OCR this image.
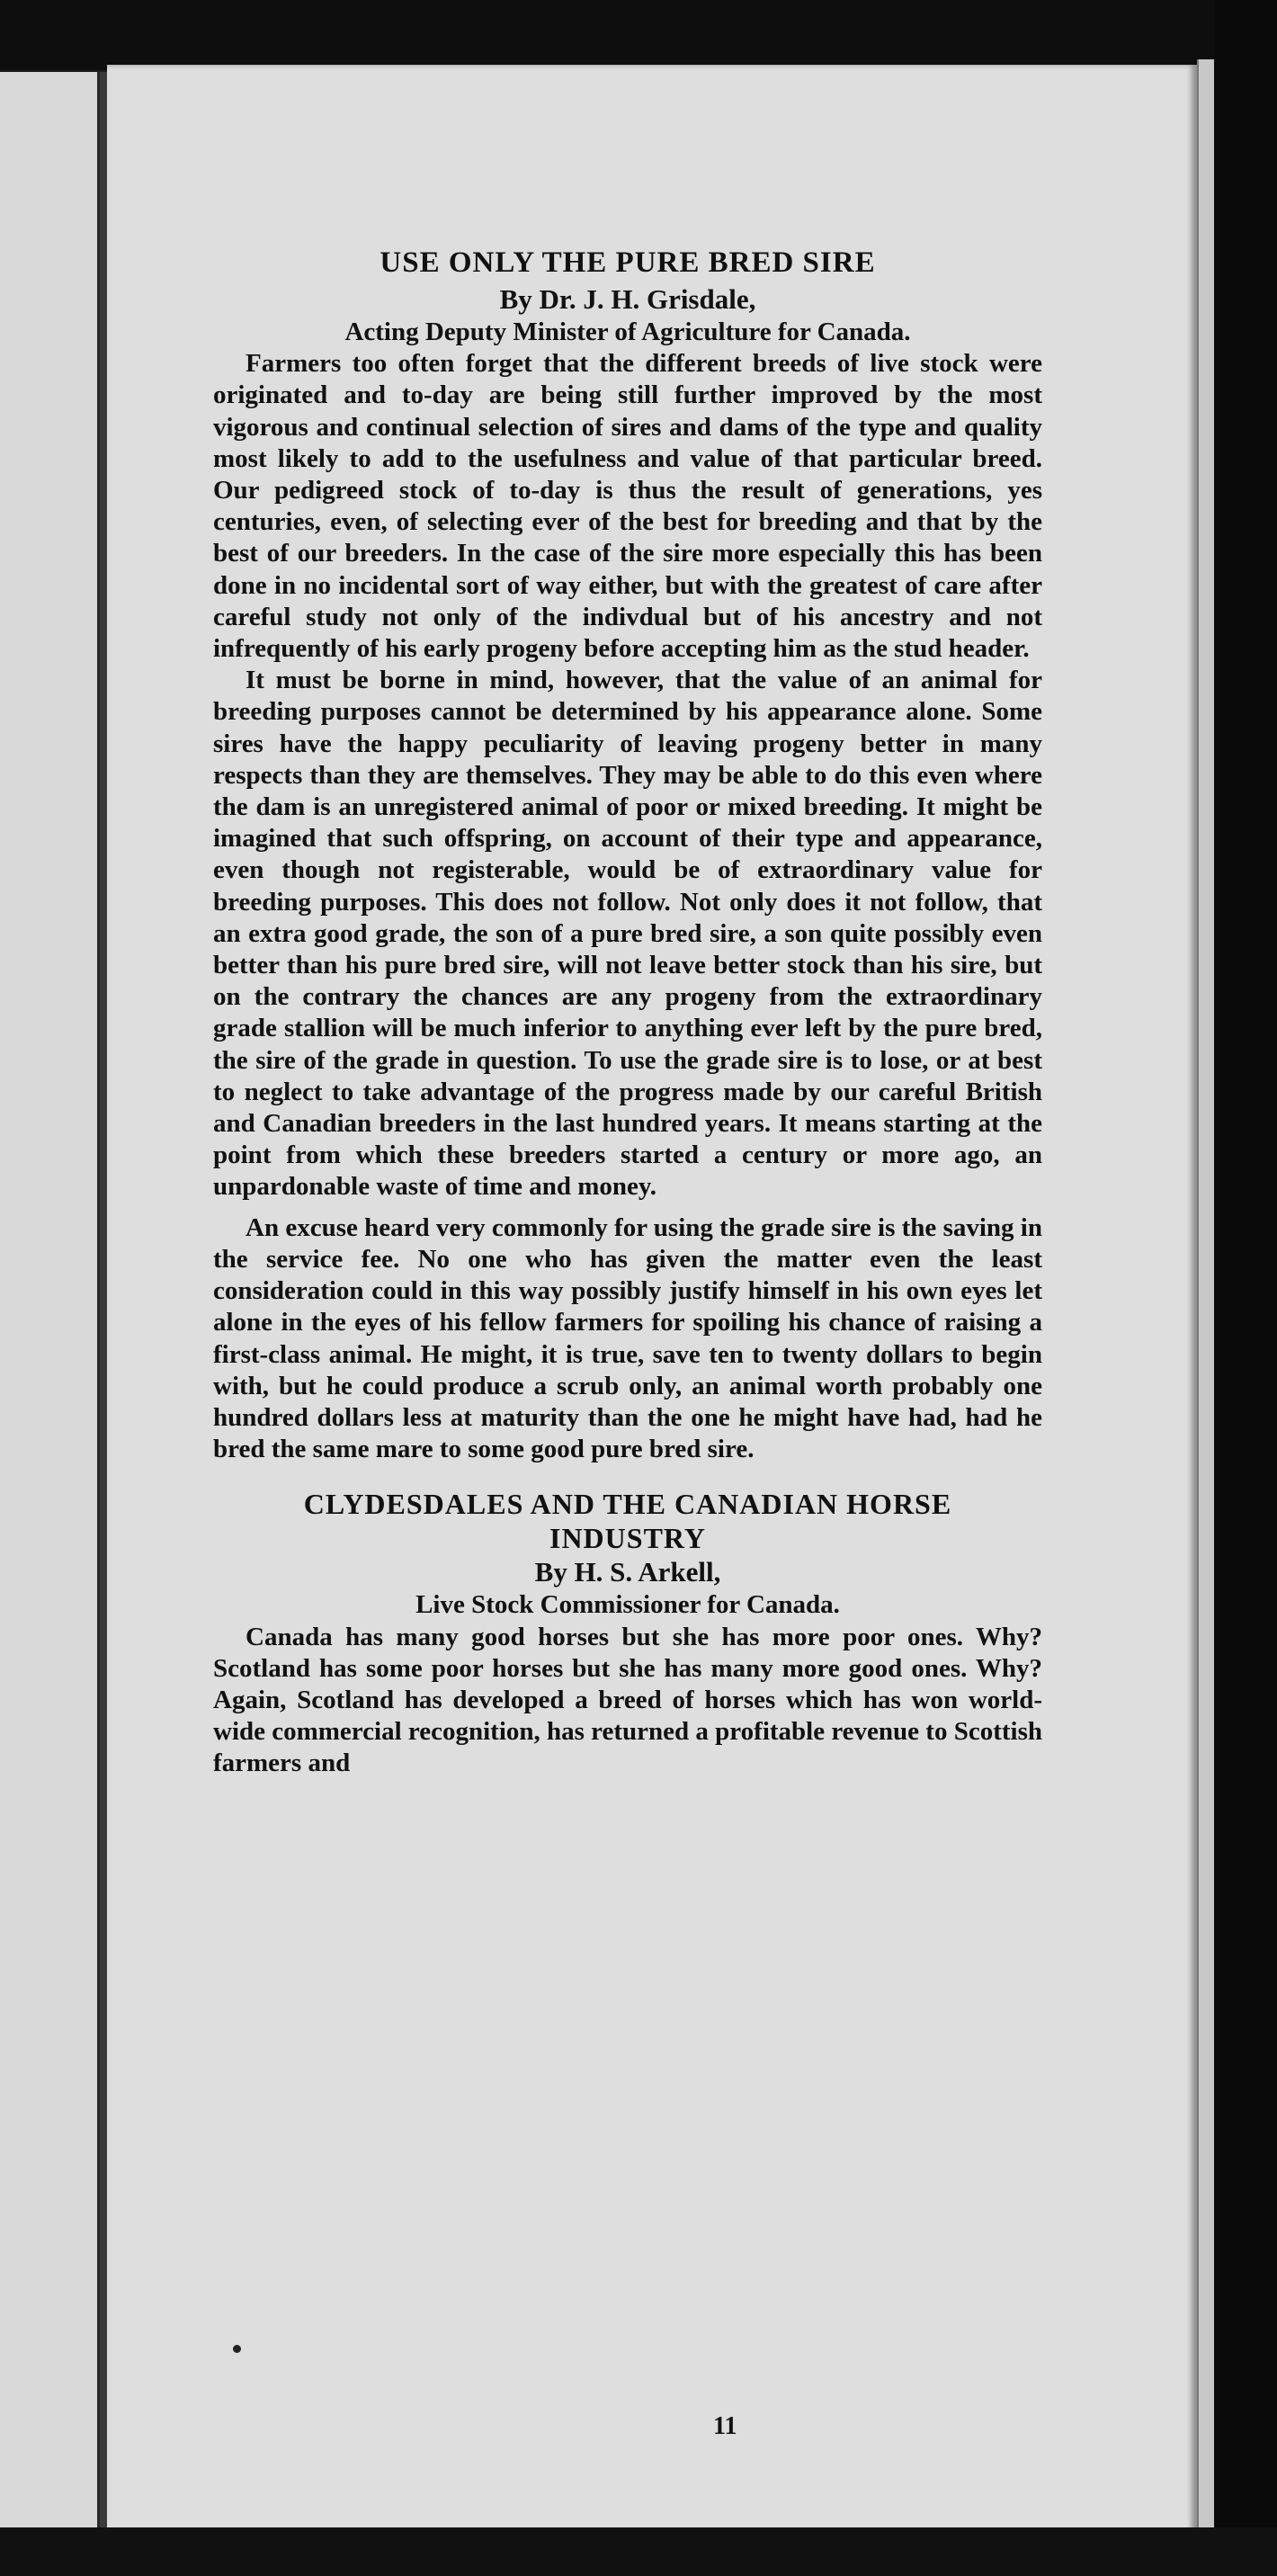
USE ONLY THE PURE BRED SIRE
By Dr. J. H. Grisdale,
Acting Deputy Minister of Agriculture for Canada.

Farmers too often forget that the different breeds of live stock were originated and to-day are being still further improved by the most vigorous and continual selection of sires and dams of the type and quality most likely to add to the usefulness and value of that particular breed. Our pedigreed stock of to-day is thus the result of generations, yes centuries, even, of selecting ever of the best for breeding and that by the best of our breeders. In the case of the sire more especially this has been done in no incidental sort of way either, but with the greatest of care after careful study not only of the indivdual but of his ancestry and not infrequently of his early progeny before accepting him as the stud header.

It must be borne in mind, however, that the value of an animal for breeding purposes cannot be determined by his appearance alone. Some sires have the happy peculiarity of leaving progeny better in many respects than they are themselves. They may be able to do this even where the dam is an unregistered animal of poor or mixed breeding. It might be imagined that such offspring, on account of their type and appearance, even though not registerable, would be of extraordinary value for breeding purposes. This does not follow. Not only does it not follow, that an extra good grade, the son of a pure bred sire, a son quite possibly even better than his pure bred sire, will not leave better stock than his sire, but on the contrary the chances are any progeny from the extraordinary grade stallion will be much inferior to anything ever left by the pure bred, the sire of the grade in question. To use the grade sire is to lose, or at best to neglect to take advantage of the progress made by our careful British and Canadian breeders in the last hundred years. It means starting at the point from which these breeders started a century or more ago, an unpardonable waste of time and money.

An excuse heard very commonly for using the grade sire is the saving in the service fee. No one who has given the matter even the least consideration could in this way possibly justify himself in his own eyes let alone in the eyes of his fellow farmers for spoiling his chance of raising a first-class animal. He might, it is true, save ten to twenty dollars to begin with, but he could produce a scrub only, an animal worth probably one hundred dollars less at maturity than the one he might have had, had he bred the same mare to some good pure bred sire.

CLYDESDALES AND THE CANADIAN HORSE
INDUSTRY
By H. S. Arkell,
Live Stock Commissioner for Canada.

Canada has many good horses but she has more poor ones. Why? Scotland has some poor horses but she has many more good ones. Why? Again, Scotland has developed a breed of horses which has won world-wide commercial recognition, has returned a profitable revenue to Scottish farmers and

11
